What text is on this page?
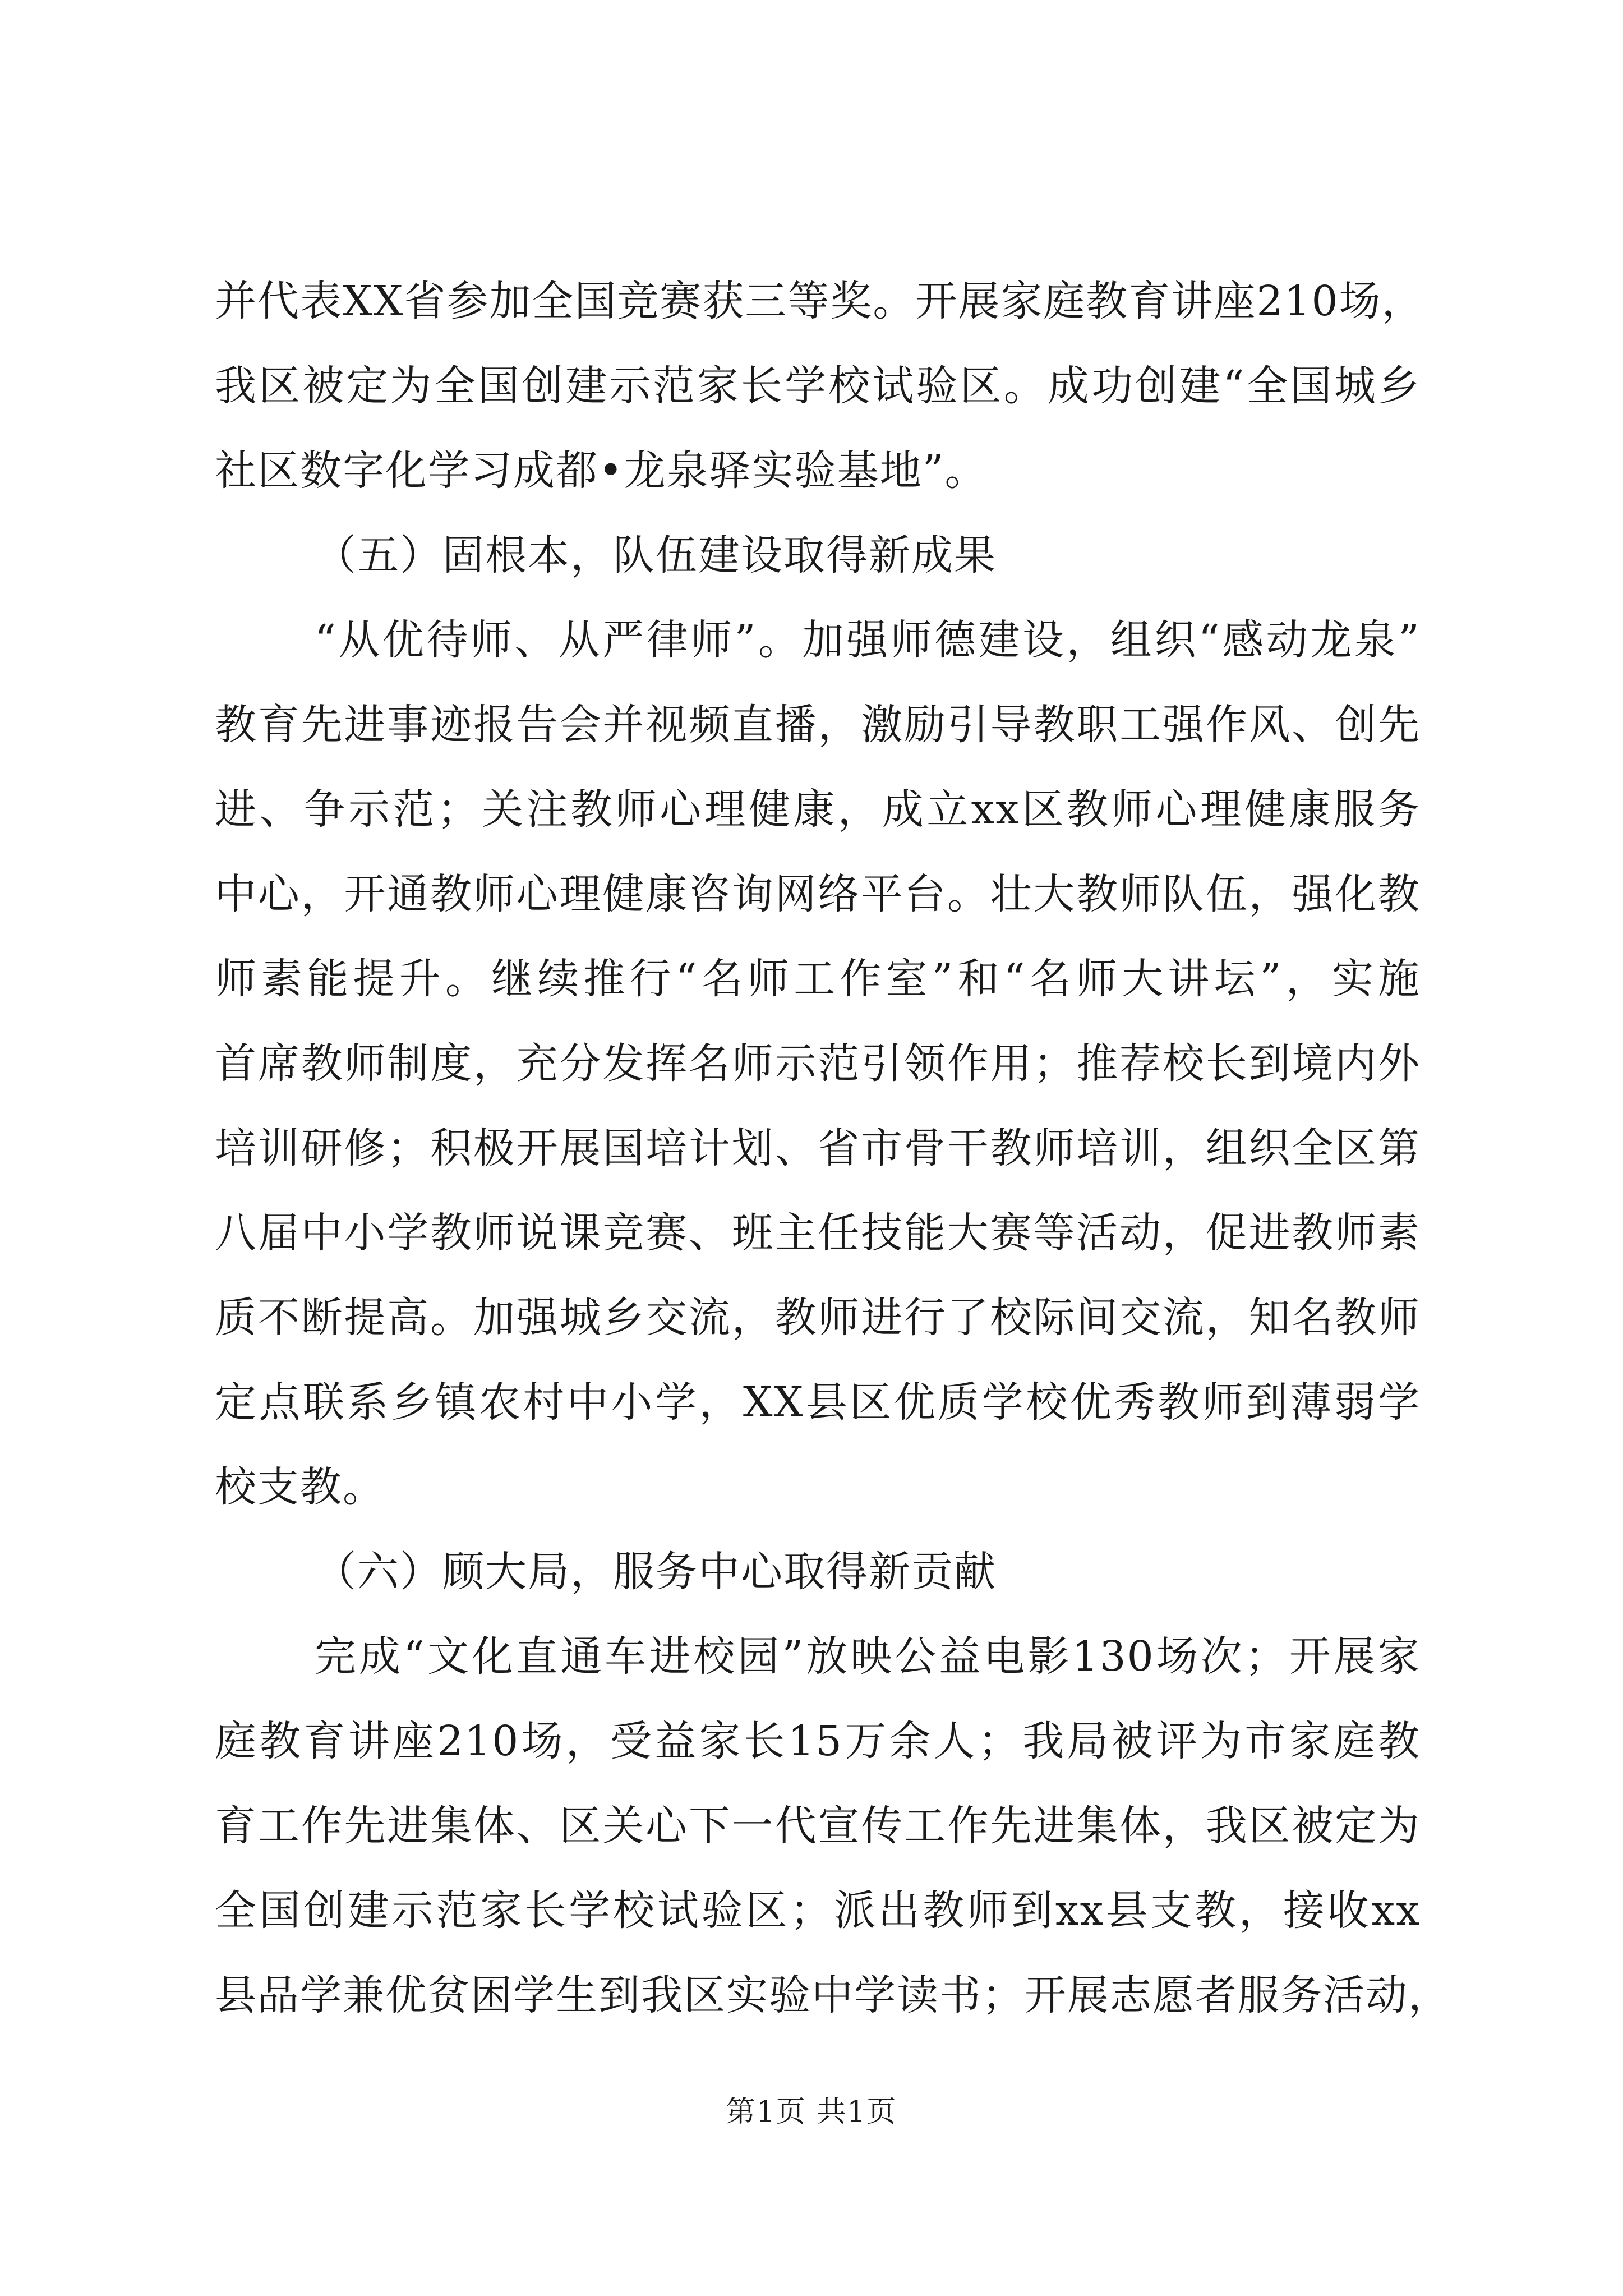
并代表XX省参加全国竞赛获三等奖。开展家庭教育讲座210场，
我区被定为全国创建示范家长学校试验区。成功创建“全国城乡
社区数字化学习成都•龙泉驿实验基地”。
（五）固根本，队伍建设取得新成果
“从优待师、从严律师”。加强师德建设，组织“感动龙泉”
教育先进事迹报告会并视频直播，激励引导教职工强作风、创先
进、争示范；关注教师心理健康，成立xx区教师心理健康服务
中心，开通教师心理健康咨询网络平台。壮大教师队伍，强化教
师素能提升。继续推行“名师工作室”和“名师大讲坛”，实施
首席教师制度，充分发挥名师示范引领作用；推荐校长到境内外
培训研修；积极开展国培计划、省市骨干教师培训，组织全区第
八届中小学教师说课竞赛、班主任技能大赛等活动，促进教师素
质不断提高。加强城乡交流，教师进行了校际间交流，知名教师
定点联系乡镇农村中小学，XX县区优质学校优秀教师到薄弱学
校支教。
（六）顾大局，服务中心取得新贡献
完成“文化直通车进校园”放映公益电影130场次；开展家
庭教育讲座210场，受益家长15万余人；我局被评为市家庭教
育工作先进集体、区关心下一代宣传工作先进集体，我区被定为
全国创建示范家长学校试验区；派出教师到xx县支教，接收xx
县品学兼优贫困学生到我区实验中学读书；开展志愿者服务活动，
第1页 共1页
